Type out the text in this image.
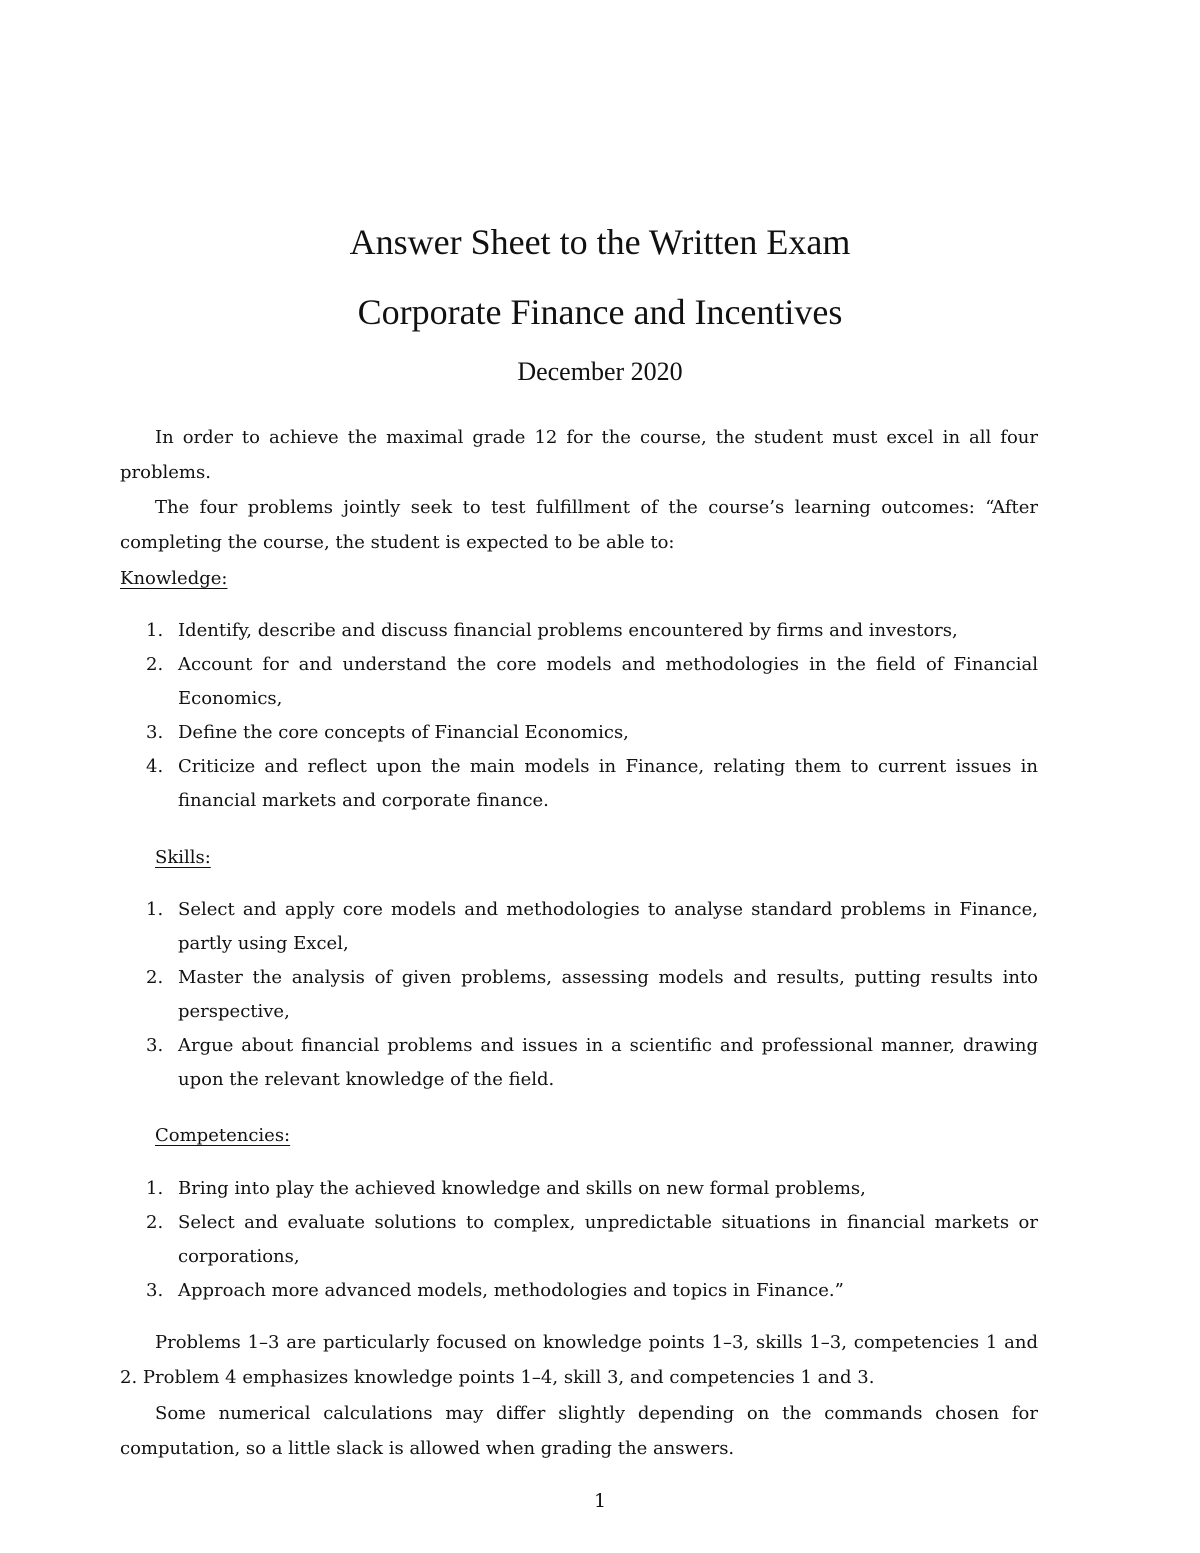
Answer Sheet to the Written Exam
Corporate Finance and Incentives
December 2020

In order to achieve the maximal grade 12 for the course, the student must excel in all four problems.

The four problems jointly seek to test fulfillment of the course’s learning outcomes: “After completing the course, the student is expected to be able to:

Knowledge:
1. Identify, describe and discuss financial problems encountered by firms and investors,
2. Account for and understand the core models and methodologies in the field of Financial Economics,
3. Define the core concepts of Financial Economics,
4. Criticize and reflect upon the main models in Finance, relating them to current issues in financial markets and corporate finance.
Skills:
1. Select and apply core models and methodologies to analyse standard problems in Finance, partly using Excel,
2. Master the analysis of given problems, assessing models and results, putting results into perspective,
3. Argue about financial problems and issues in a scientific and professional manner, drawing upon the relevant knowledge of the field.
Competencies:
1. Bring into play the achieved knowledge and skills on new formal problems,
2. Select and evaluate solutions to complex, unpredictable situations in financial markets or corporations,
3. Approach more advanced models, methodologies and topics in Finance.”

Problems 1–3 are particularly focused on knowledge points 1–3, skills 1–3, competencies 1 and 2. Problem 4 emphasizes knowledge points 1–4, skill 3, and competencies 1 and 3.

Some numerical calculations may differ slightly depending on the commands chosen for computation, so a little slack is allowed when grading the answers.

1
